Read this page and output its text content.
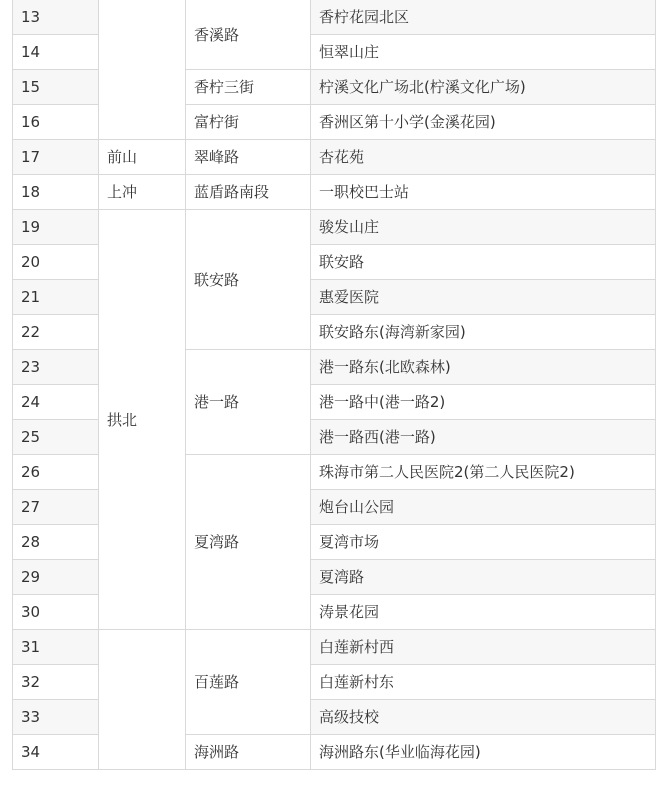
13		香溪路	香柠花园北区
14			恒翠山庄
15		香柠三街	柠溪文化广场北(柠溪文化广场)
16		富柠街	香洲区第十小学(金溪花园)
17	前山	翠峰路	杏花苑
18	上冲	蓝盾路南段	一职校巴士站
19	拱北	联安路	骏发山庄
20			联安路
21			惠爱医院
22			联安路东(海湾新家园)
23		港一路	港一路东(北欧森林)
24			港一路中(港一路2)
25			港一路西(港一路)
26		夏湾路	珠海市第二人民医院2(第二人民医院2)
27			炮台山公园
28			夏湾市场
29			夏湾路
30			涛景花园
31		百莲路	白莲新村西
32			白莲新村东
33			高级技校
34		海洲路	海洲路东(华业临海花园)
